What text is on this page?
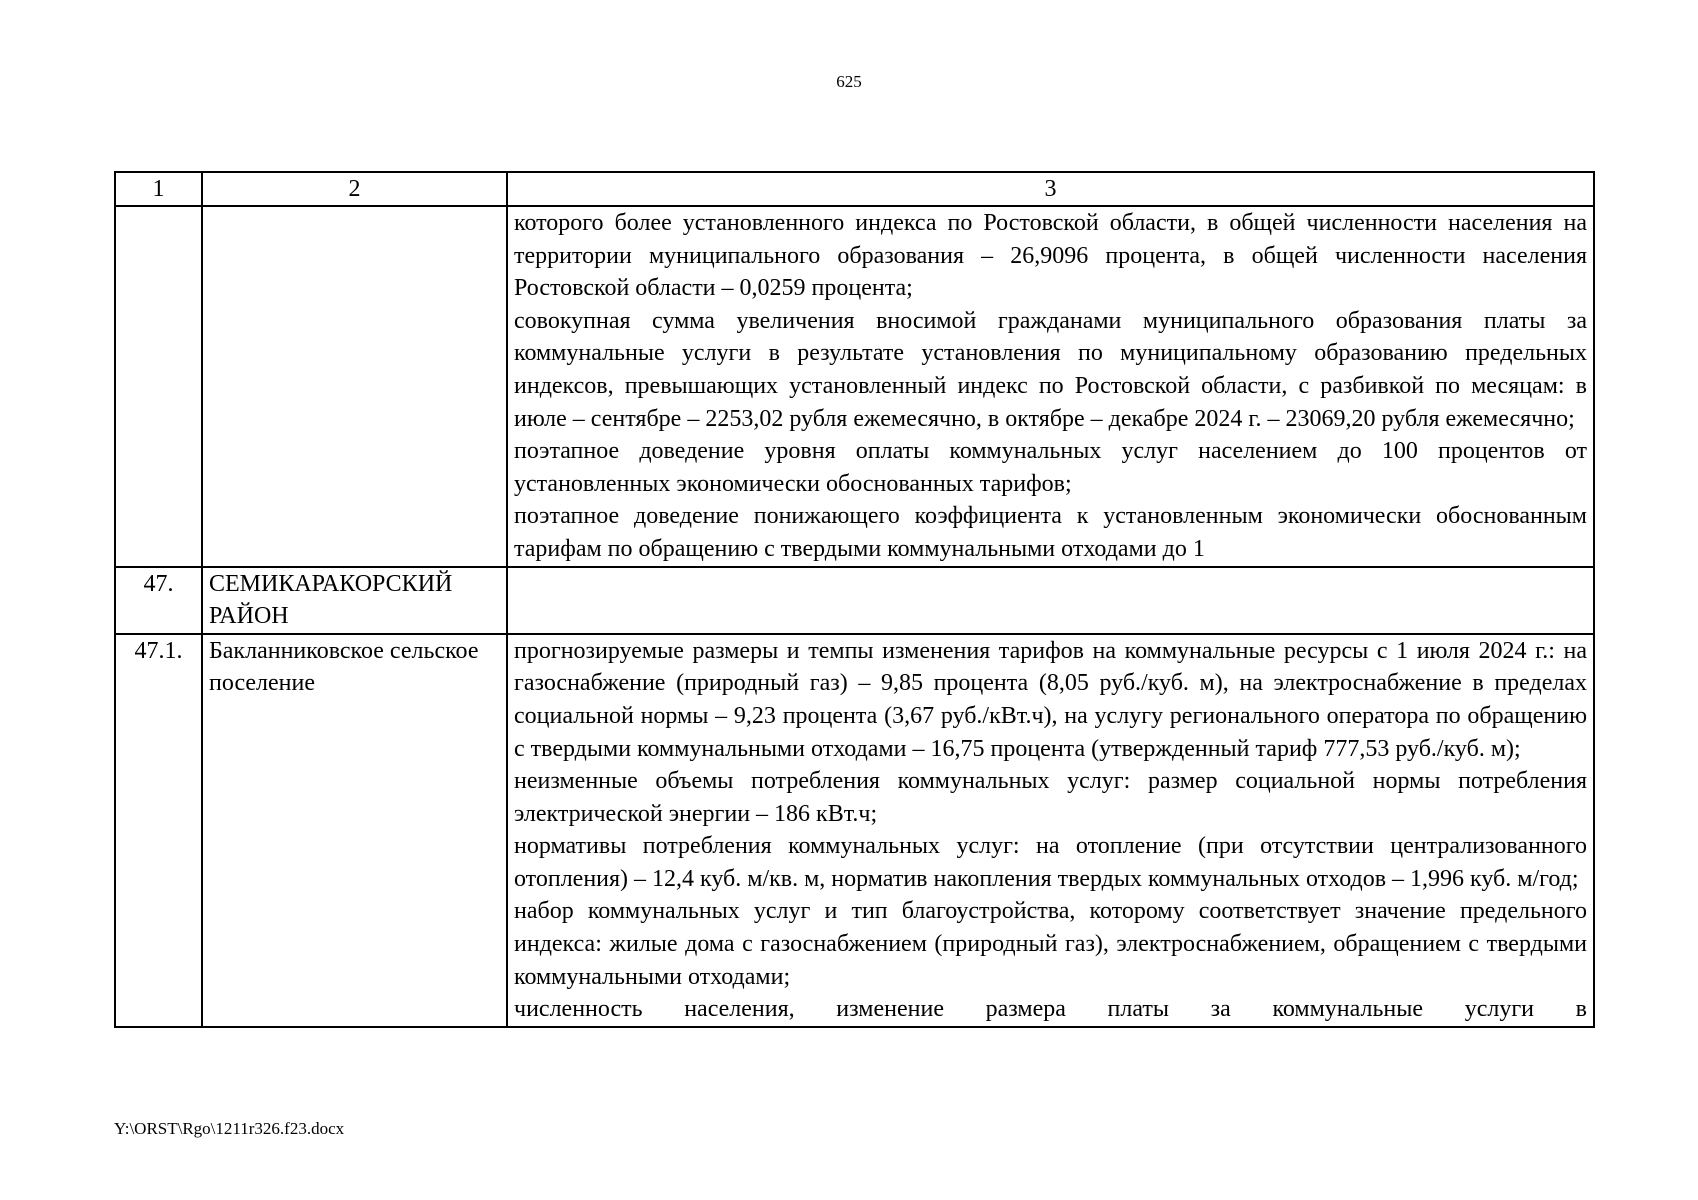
625
1	2	3

		которого более установленного индекса по Ростовской области, в общей численности населения на территории муниципального образования – 26,9096 процента, в общей численности населения Ростовской области – 0,0259 процента;

совокупная сумма увеличения вносимой гражданами муниципального образования платы за коммунальные услуги в результате установления по муниципальному образованию предельных индексов, превышающих установленный индекс по Ростовской области, с разбивкой по месяцам: в июле – сентябре – 2253,02 рубля ежемесячно, в октябре – декабре 2024 г. – 23069,20 рубля ежемесячно;

поэтапное доведение уровня оплаты коммунальных услуг населением до 100 процентов от установленных экономически обоснованных тарифов;

поэтапное доведение понижающего коэффициента к установленным экономически обоснованным тарифам по обращению с твердыми коммунальными отходами до 1

47.	СЕМИКАРАКОРСКИЙ РАЙОН	
47.1.	Бакланниковское сельское поселение	прогнозируемые размеры и темпы изменения тарифов на коммунальные ресурсы с 1 июля 2024 г.: на газоснабжение (природный газ) – 9,85 процента (8,05 руб./куб. м), на электроснабжение в пределах социальной нормы – 9,23 процента (3,67 руб./кВт.ч), на услугу регионального оператора по обращению с твердыми коммунальными отходами – 16,75 процента (утвержденный тариф 777,53 руб./куб. м);

неизменные объемы потребления коммунальных услуг: размер социальной нормы потребления электрической энергии – 186 кВт.ч;

нормативы потребления коммунальных услуг: на отопление (при отсутствии централизованного отопления) – 12,4 куб. м/кв. м, норматив накопления твердых коммунальных отходов – 1,996 куб. м/год;

набор коммунальных услуг и тип благоустройства, которому соответствует значение предельного индекса: жилые дома с газоснабжением (природный газ), электроснабжением, обращением с твердыми коммунальными отходами;

численность населения, изменение размера платы за коммунальные услуги в

Y:\ORST\Rgo\1211r326.f23.docx
